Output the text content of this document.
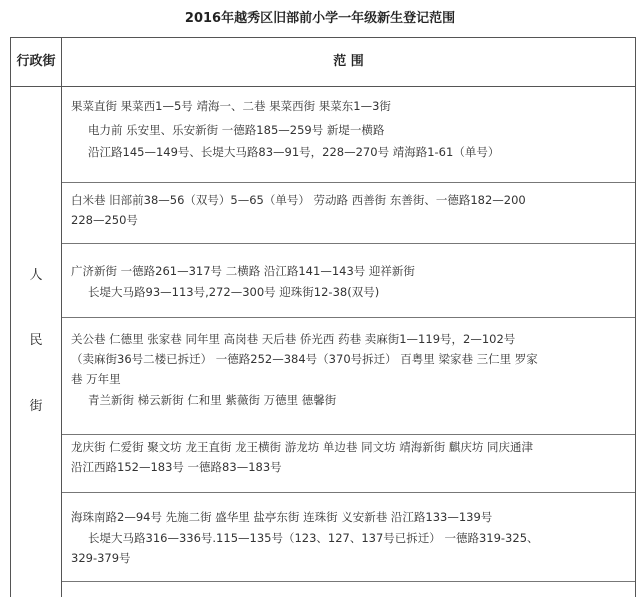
2016年越秀区旧部前小学一年级新生登记范围
行政街	范 围
人
民
街
果菜直街 果菜西1—5号 靖海一、二巷 果菜西街 果菜东1—3街
电力前 乐安里、乐安新街 一德路185—259号 新堤一横路
沿江路145—149号、长堤大马路83—91号，228—270号 靖海路1-61（单号）
白米巷 旧部前38—56（双号）5—65（单号） 劳动路 西善街 东善街、一德路182—200
228—250号
广济新街 一德路261—317号 二横路 沿江路141—143号 迎祥新街
长堤大马路93—113号,272—300号 迎珠街12-38(双号)
关公巷 仁德里 张家巷 同年里 高岗巷 天后巷 侨光西 药巷 卖麻街1—119号，2—102号
（卖麻街36号二楼已拆迁） 一德路252—384号（370号拆迁） 百粤里 梁家巷 三仁里 罗家
巷 万年里
青兰新街 梯云新街 仁和里 紫薇街 万德里 德馨街
龙庆街 仁爱街 聚文坊 龙王直街 龙王横街 游龙坊 单边巷 同文坊 靖海新街 麒庆坊 同庆通津
沿江西路152—183号 一德路83—183号
海珠南路2—94号 先施二街 盛华里 盐亭东街 连珠街 义安新巷 沿江路133—139号
长堤大马路316—336号.115—135号（123、127、137号已拆迁） 一德路319-325、
329-379号
